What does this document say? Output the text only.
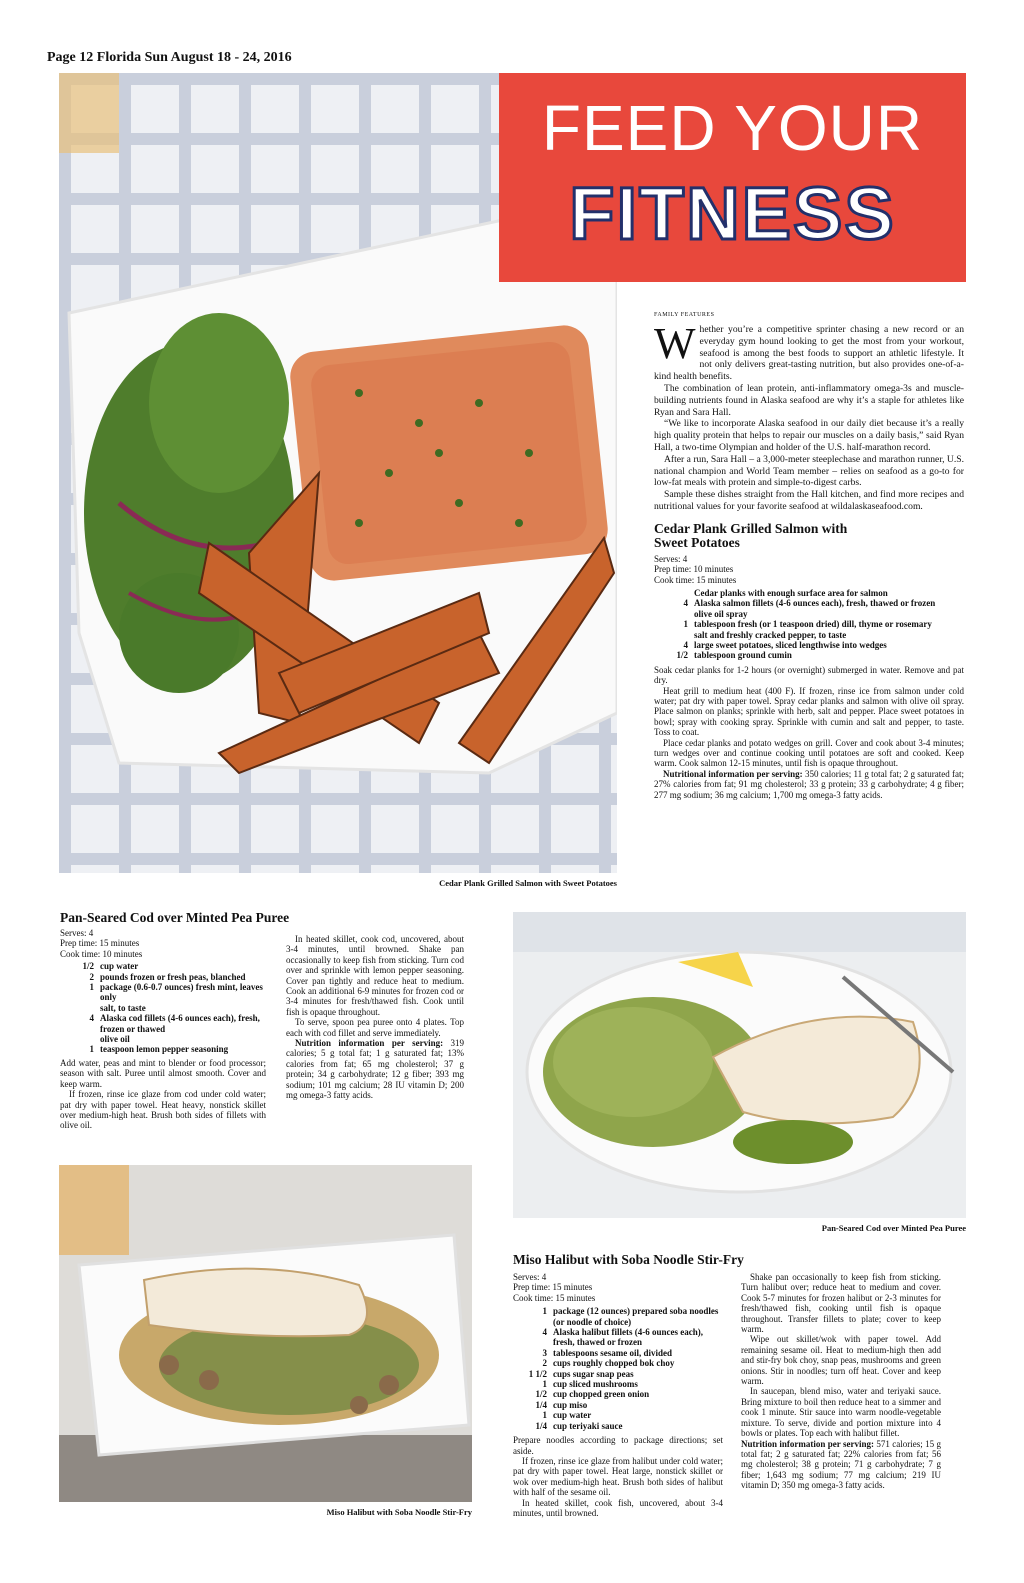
Page 12 Florida Sun August 18 - 24, 2016
Cedar Plank Grilled Salmon with Sweet Potatoes
FEED YOUR
FITNESS
FAMILY FEATURES

Whether you’re a competitive sprinter chasing a new record or an everyday gym hound looking to get the most from your workout, seafood is among the best foods to support an athletic lifestyle. It not only delivers great-tasting nutrition, but also provides one-of-a-kind health benefits.

The combination of lean protein, anti-inflammatory omega-3s and muscle-building nutrients found in Alaska seafood are why it’s a staple for athletes like Ryan and Sara Hall.

“We like to incorporate Alaska seafood in our daily diet because it’s a really high quality protein that helps to repair our muscles on a daily basis,” said Ryan Hall, a two-time Olympian and holder of the U.S. half-marathon record.

After a run, Sara Hall – a 3,000-meter steeplechase and marathon runner, U.S. national champion and World Team member – relies on seafood as a go-to for low-fat meals with protein and simple-to-digest carbs.

Sample these dishes straight from the Hall kitchen, and find more recipes and nutritional values for your favorite seafood at wildalaskaseafood.com.

Cedar Plank Grilled Salmon with Sweet Potatoes
Serves: 4
Prep time: 10 minutes
Cook time: 15 minutes
Cedar planks with enough surface area for salmon
4 Alaska salmon fillets (4-6 ounces each), fresh, thawed or frozen
olive oil spray
1 tablespoon fresh (or 1 teaspoon dried) dill, thyme or rosemary
salt and freshly cracked pepper, to taste
4 large sweet potatoes, sliced lengthwise into wedges
1/2 tablespoon ground cumin

Soak cedar planks for 1-2 hours (or overnight) submerged in water. Remove and pat dry.

Heat grill to medium heat (400 F). If frozen, rinse ice from salmon under cold water; pat dry with paper towel. Spray cedar planks and salmon with olive oil spray. Place salmon on planks; sprinkle with herb, salt and pepper. Place sweet potatoes in bowl; spray with cooking spray. Sprinkle with cumin and salt and pepper, to taste. Toss to coat.

Place cedar planks and potato wedges on grill. Cover and cook about 3-4 minutes; turn wedges over and continue cooking until potatoes are soft and cooked. Keep warm. Cook salmon 12-15 minutes, until fish is opaque throughout.

Nutritional information per serving: 350 calories; 11 g total fat; 2 g saturated fat; 27% calories from fat; 91 mg cholesterol; 33 g protein; 33 g carbohydrate; 4 g fiber; 277 mg sodium; 36 mg calcium; 1,700 mg omega-3 fatty acids.

Pan-Seared Cod over Minted Pea Puree
Serves: 4
Prep time: 15 minutes
Cook time: 10 minutes
1/2 cup water
2 pounds frozen or fresh peas, blanched
1 package (0.6-0.7 ounces) fresh mint, leaves only
salt, to taste
4 Alaska cod fillets (4-6 ounces each), fresh, frozen or thawed
olive oil
1 teaspoon lemon pepper seasoning

Add water, peas and mint to blender or food processor; season with salt. Puree until almost smooth. Cover and keep warm.

If frozen, rinse ice glaze from cod under cold water; pat dry with paper towel. Heat heavy, nonstick skillet over medium-high heat. Brush both sides of fillets with olive oil.

In heated skillet, cook cod, uncovered, about 3-4 minutes, until browned. Shake pan occasionally to keep fish from sticking. Turn cod over and sprinkle with lemon pepper seasoning. Cover pan tightly and reduce heat to medium. Cook an additional 6-9 minutes for frozen cod or 3-4 minutes for fresh/thawed fish. Cook until fish is opaque throughout.

To serve, spoon pea puree onto 4 plates. Top each with cod fillet and serve immediately.

Nutrition information per serving: 319 calories; 5 g total fat; 1 g saturated fat; 13% calories from fat; 65 mg cholesterol; 37 g protein; 34 g carbohydrate; 12 g fiber; 393 mg sodium; 101 mg calcium; 28 IU vitamin D; 200 mg omega-3 fatty acids.

Pan-Seared Cod over Minted Pea Puree
Miso Halibut with Soba Noodle Stir-Fry
Miso Halibut with Soba Noodle Stir-Fry
Serves: 4
Prep time: 15 minutes
Cook time: 15 minutes
1 package (12 ounces) prepared soba noodles (or noodle of choice)
4 Alaska halibut fillets (4-6 ounces each), fresh, thawed or frozen
3 tablespoons sesame oil, divided
2 cups roughly chopped bok choy
1 1/2 cups sugar snap peas
1 cup sliced mushrooms
1/2 cup chopped green onion
1/4 cup miso
1 cup water
1/4 cup teriyaki sauce

Prepare noodles according to package directions; set aside.

If frozen, rinse ice glaze from halibut under cold water; pat dry with paper towel. Heat large, nonstick skillet or wok over medium-high heat. Brush both sides of halibut with half of the sesame oil.

In heated skillet, cook fish, uncovered, about 3-4 minutes, until browned.

Shake pan occasionally to keep fish from sticking. Turn halibut over; reduce heat to medium and cover. Cook 5-7 minutes for frozen halibut or 2-3 minutes for fresh/thawed fish, cooking until fish is opaque throughout. Transfer fillets to plate; cover to keep warm.

Wipe out skillet/wok with paper towel. Add remaining sesame oil. Heat to medium-high then add and stir-fry bok choy, snap peas, mushrooms and green onions. Stir in noodles; turn off heat. Cover and keep warm.

In saucepan, blend miso, water and teriyaki sauce. Bring mixture to boil then reduce heat to a simmer and cook 1 minute. Stir sauce into warm noodle-vegetable mixture. To serve, divide and portion mixture into 4 bowls or plates. Top each with halibut fillet.

Nutrition information per serving: 571 calories; 15 g total fat; 2 g saturated fat; 22% calories from fat; 56 mg cholesterol; 38 g protein; 71 g carbohydrate; 7 g fiber; 1,643 mg sodium; 77 mg calcium; 219 IU vitamin D; 350 mg omega-3 fatty acids.
